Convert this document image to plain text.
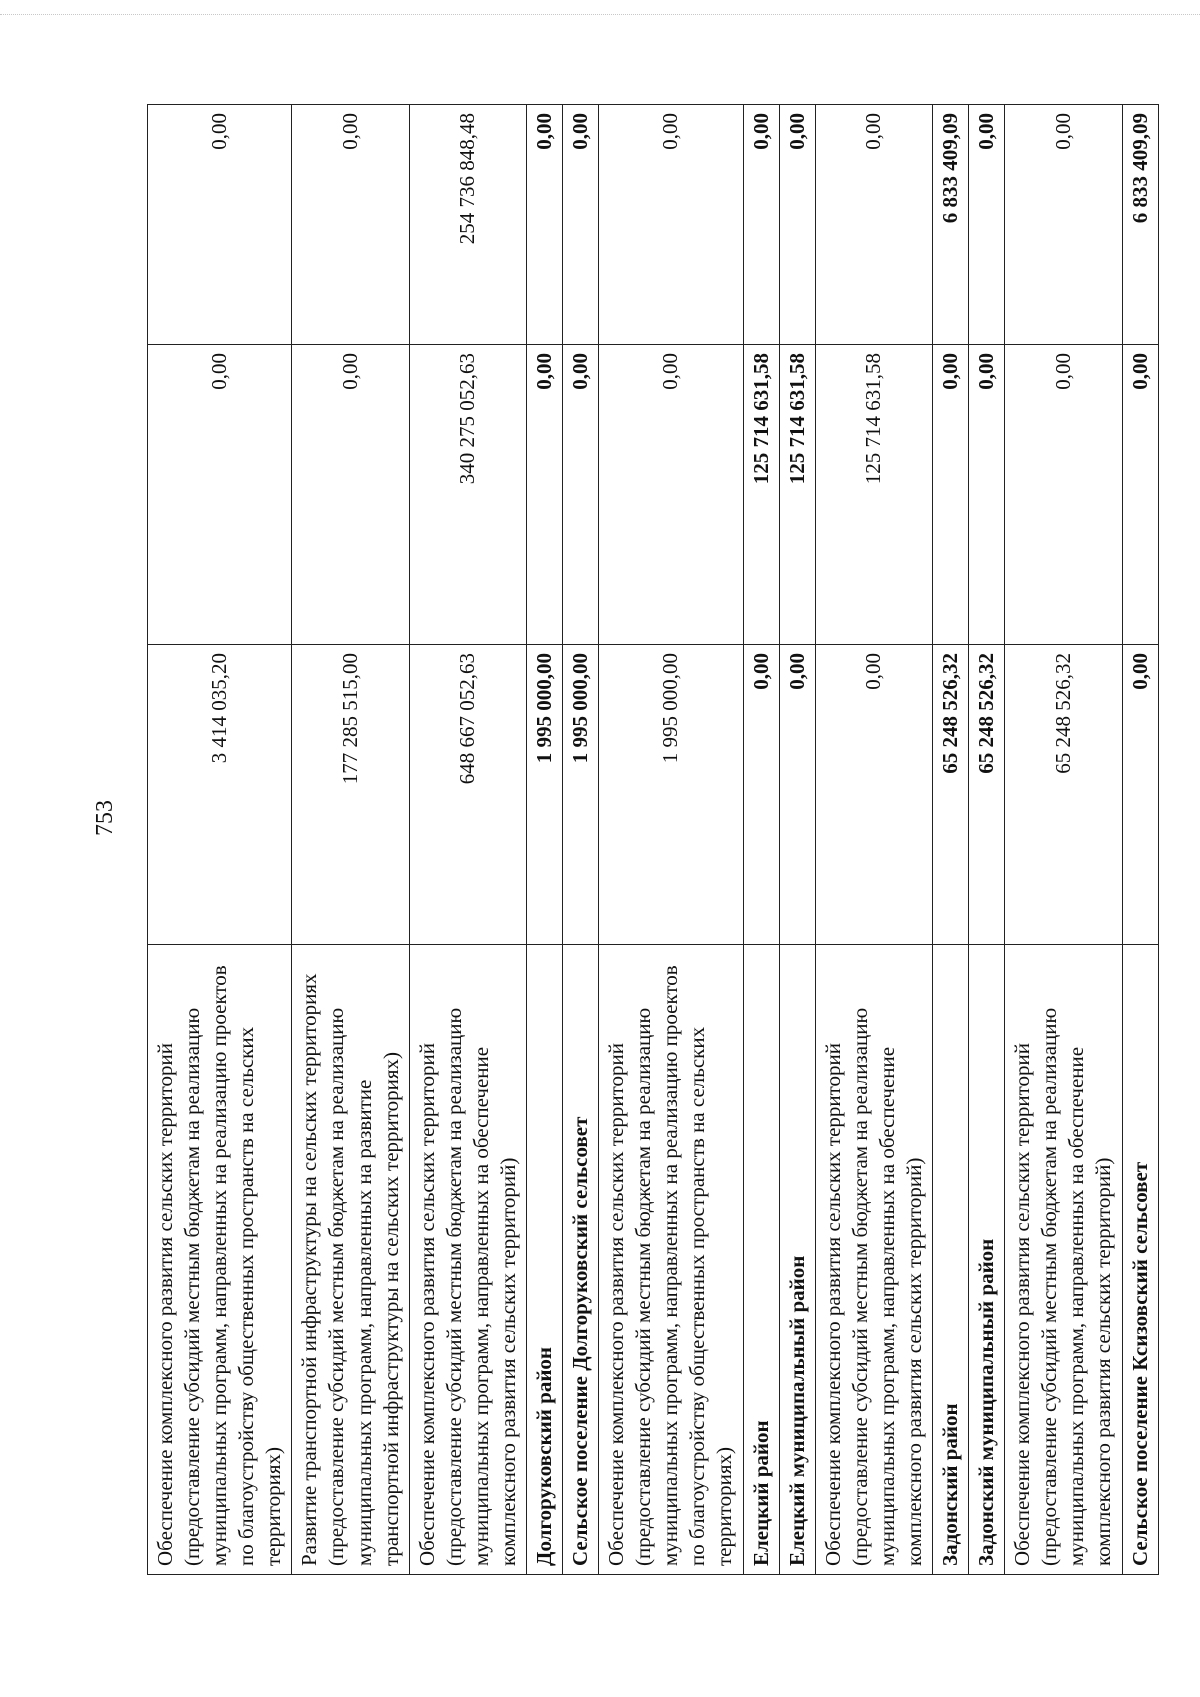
753
Обеспечение комплексного развития сельских территорий (предоставление субсидий местным бюджетам на реализацию муниципальных программ, направленных на реализацию проектов по благоустройству общественных пространств на сельских территориях)	3 414 035,20	0,00	0,00
Развитие транспортной инфраструктуры на сельских территориях (предоставление субсидий местным бюджетам на реализацию муниципальных программ, направленных на развитие транспортной инфраструктуры на сельских территориях)	177 285 515,00	0,00	0,00
Обеспечение комплексного развития сельских территорий (предоставление субсидий местным бюджетам на реализацию муниципальных программ, направленных на обеспечение комплексного развития сельских территорий)	648 667 052,63	340 275 052,63	254 736 848,48
Долгоруковский район	1 995 000,00	0,00	0,00
Сельское поселение Долгоруковский сельсовет	1 995 000,00	0,00	0,00
Обеспечение комплексного развития сельских территорий (предоставление субсидий местным бюджетам на реализацию муниципальных программ, направленных на реализацию проектов по благоустройству общественных пространств на сельских территориях)	1 995 000,00	0,00	0,00
Елецкий район	0,00	125 714 631,58	0,00
Елецкий муниципальный район	0,00	125 714 631,58	0,00
Обеспечение комплексного развития сельских территорий (предоставление субсидий местным бюджетам на реализацию муниципальных программ, направленных на обеспечение комплексного развития сельских территорий)	0,00	125 714 631,58	0,00
Задонский район	65 248 526,32	0,00	6 833 409,09
Задонский муниципальный район	65 248 526,32	0,00	0,00
Обеспечение комплексного развития сельских территорий (предоставление субсидий местным бюджетам на реализацию муниципальных программ, направленных на обеспечение комплексного развития сельских территорий)	65 248 526,32	0,00	0,00
Сельское поселение Ксизовский сельсовет	0,00	0,00	6 833 409,09
